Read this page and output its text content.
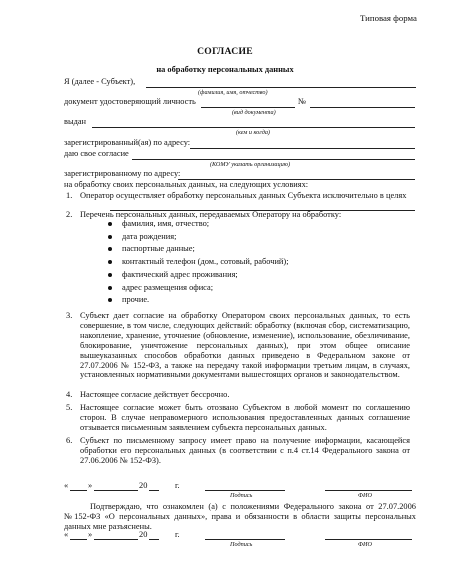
Типовая форма
СОГЛАСИЕ
на обработку персональных данных
Я (далее - Субъект),
(фамилия, имя, отчество)
документ удостоверяющий личность	№
(вид документа)
выдан
(кем и когда)
зарегистрированный(ая) по адресу:
даю свое согласие
(КОМУ указать организацию)
зарегистрированному по адресу:
на обработку своих персональных данных, на следующих условиях:
1. Оператор осуществляет обработку персональных данных Субъекта исключительно в целях
2. Перечень персональных данных, передаваемых Оператору на обработку:
фамилия, имя, отчество;
дата рождения;
паспортные данные;
контактный телефон (дом., сотовый, рабочий);
фактический адрес проживания;
адрес размещения офиса;
прочие.
3. Субъект дает согласие на обработку Оператором своих персональных данных, то есть совершение, в том числе, следующих действий: обработку (включая сбор, систематизацию, накопление, хранение, уточнение (обновление, изменение), использование, обезличивание, блокирование, уничтожение персональных данных), при этом общее описание вышеуказанных способов обработки данных приведено в Федеральном законе от 27.07.2006 № 152-ФЗ, а также на передачу такой информации третьим лицам, в случаях, установленных нормативными документами вышестоящих органов и законодательством.
4. Настоящее согласие действует бессрочно.
5. Настоящее согласие может быть отозвано Субъектом в любой момент по соглашению сторон. В случае неправомерного использования предоставленных данных соглашение отзывается письменным заявлением субъекта персональных данных.
6. Субъект по письменному запросу имеет право на получение информации, касающейся обработки его персональных данных (в соответствии с п.4 ст.14 Федерального закона от 27.06.2006 № 152-ФЗ).
« »	20	г.
Подпись	ФИО
Подтверждаю, что ознакомлен (а) с положениями Федерального закона от 27.07.2006 №152-ФЗ «О персональных данных», права и обязанности в области защиты персональных данных мне разъяснены.
« »	20	г.
Подпись	ФИО
